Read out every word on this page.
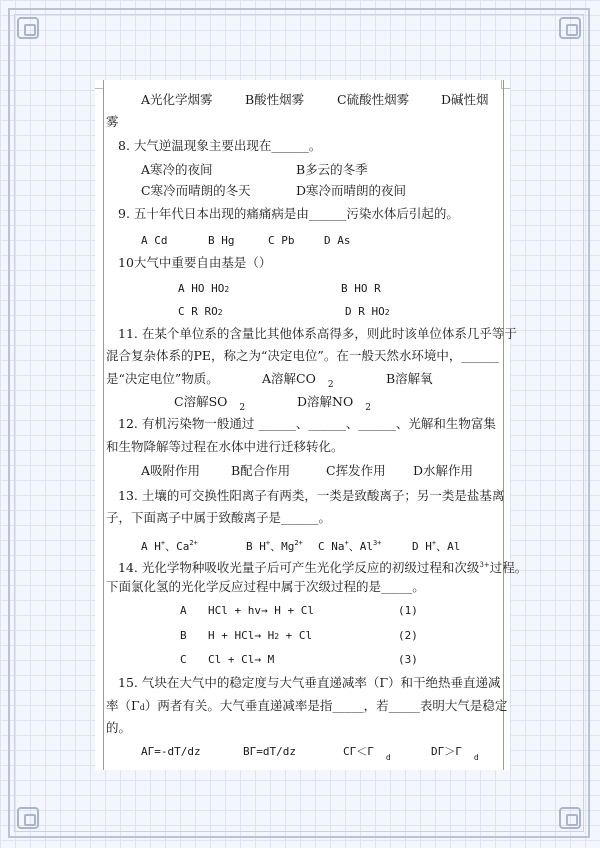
A光化学烟雾	B酸性烟雾	C硫酸性烟雾	D碱性烟
雾
8. 大气逆温现象主要出现在______。
A寒冷的夜间	B多云的冬季
C寒冷而晴朗的冬天	D寒冷而晴朗的夜间
9. 五十年代日本出现的痛痛病是由______污染水体后引起的。
A Cd	B Hg	C Pb	D As
10大气中重要自由基是（）
A HO HO2	B HO R
C R RO2	D R HO2
11. 在某个单位系的含量比其他体系高得多，则此时该单位体系几乎等于
混合复杂体系的PE，称之为“决定电位”。在一般天然水环境中，______
是“决定电位”物质。	A溶解CO $_2$	B溶解氧
C溶解SO $_2$	D溶解NO $_2$
12. 有机污染物一般通过 ______、______、______、光解和生物富集
和生物降解等过程在水体中进行迁移转化。
A吸附作用 B配合作用	C挥发作用 D水解作用
13. 土壤的可交换性阳离子有两类，一类是致酸离子；另一类是盐基离
子，下面离子中属于致酸离子是______。
A H+、$Ca^{2+}$	B H+、$Mg^{2+}$ C Na+、$Al^{3+}$	D H+、Al
14. 光化学物种吸收光量子后可产生光化学反应的初级过程和次级$^{3+}$过程。
下面氯化氢的光化学反应过程中属于次级过程的是_____。
A HCl + hv→ H + Cl	(1)
B H + HCl→ H2 + Cl	(2)
C Cl + Cl→ M	(3)
15. 气块在大气中的稳定度与大气垂直递减率（Γ）和干绝热垂直递减
率（Γd）两者有关。大气垂直递减率是指_____，若_____表明大气是稳定
的。
AΓ=-dT/dz	BΓ=dT/dz	CΓ＜Γ $_d$	DΓ＞Γ $_d$
